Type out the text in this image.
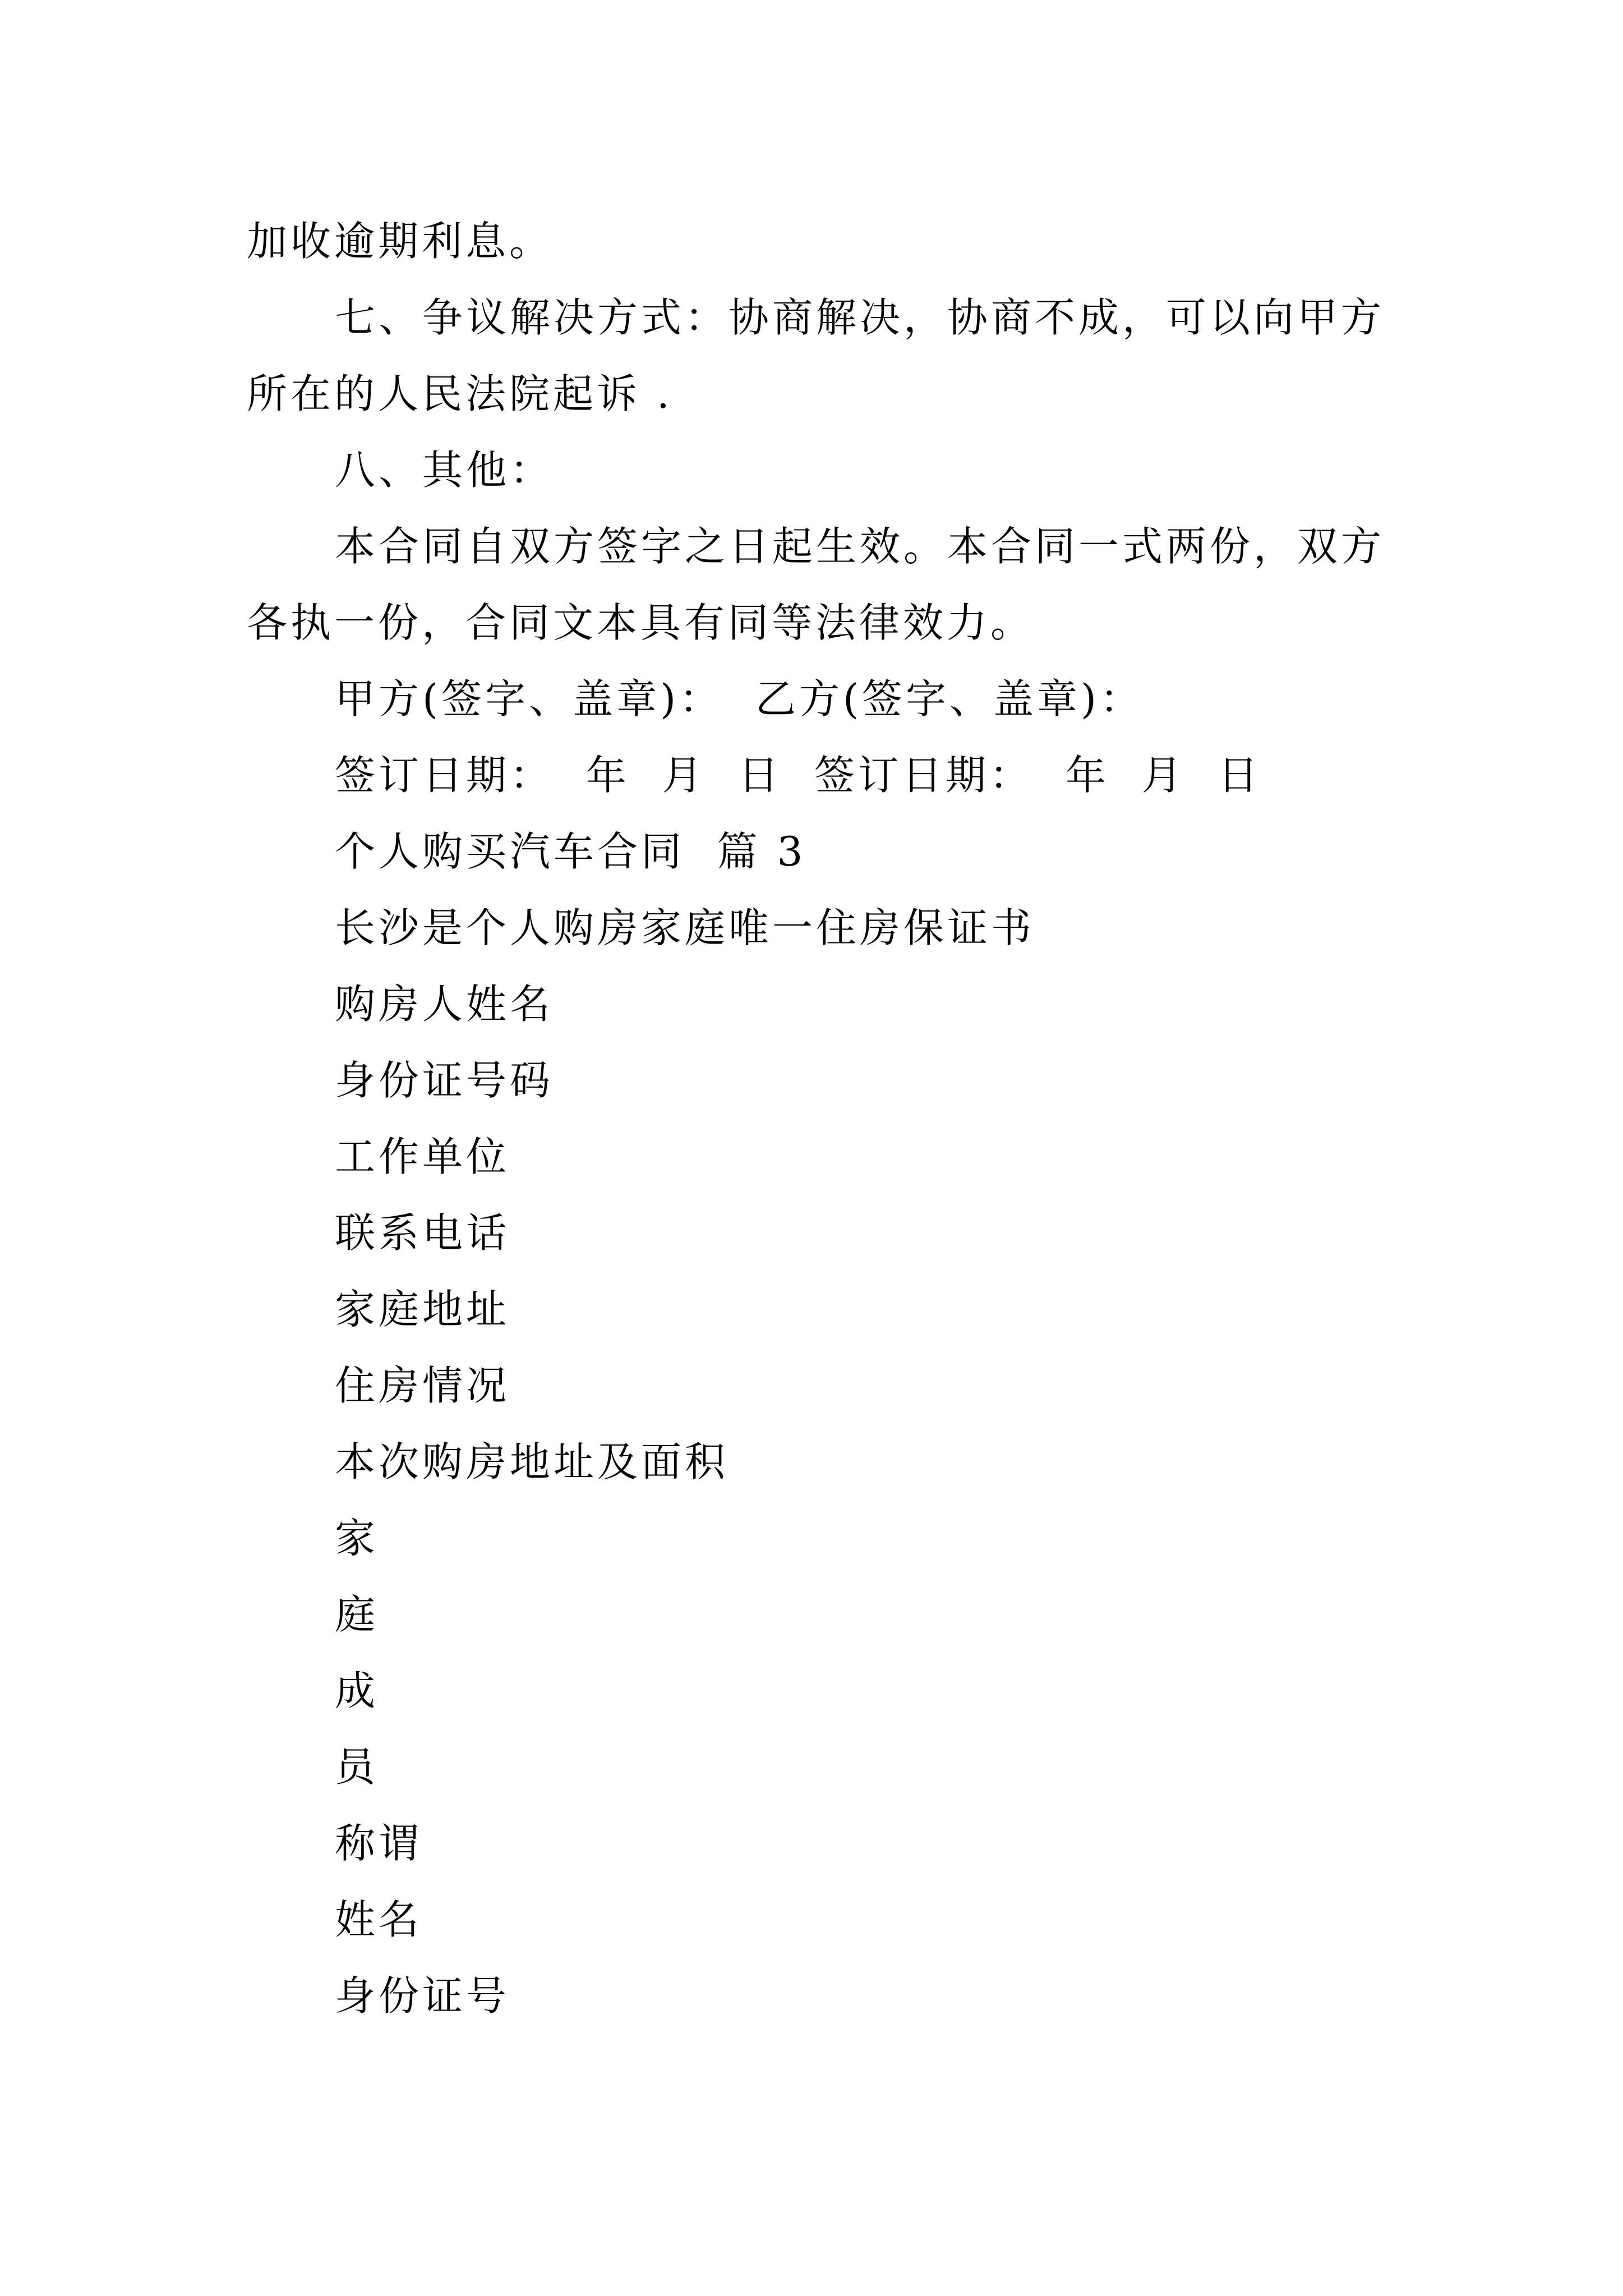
加收逾期利息。
七、争议解决方式：协商解决，协商不成，可以向甲方
所在的人民法院起诉 .
八、其他：
本合同自双方签字之日起生效。本合同一式两份，双方
各执一份，合同文本具有同等法律效力。
甲方(签字、盖章)：  乙方(签字、盖章)：
签订日期：  年  月  日  签订日期：  年  月  日
个人购买汽车合同  篇 3
长沙是个人购房家庭唯一住房保证书
购房人姓名
身份证号码
工作单位
联系电话
家庭地址
住房情况
本次购房地址及面积
家
庭
成
员
称谓
姓名
身份证号
